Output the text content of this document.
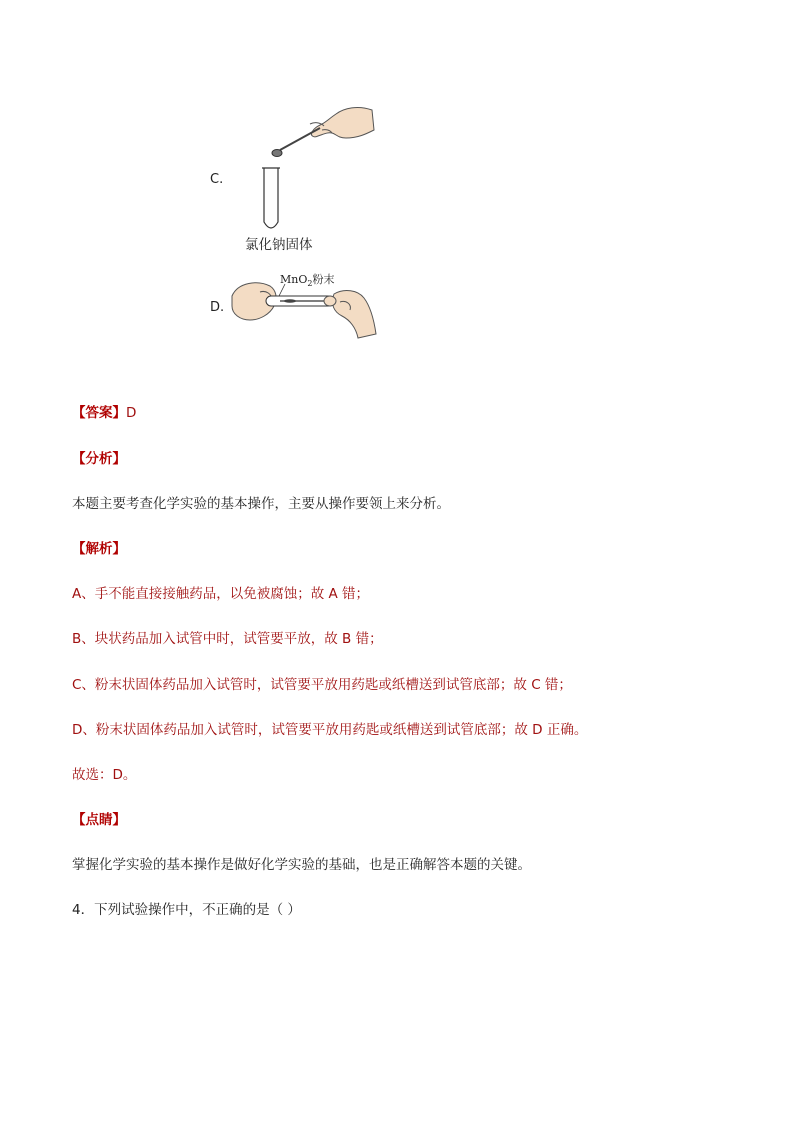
C.
氯化钠固体
D.
MnO$_2$粉末
【答案】D
【分析】
本题主要考查化学实验的基本操作，主要从操作要领上来分析。
【解析】
A、手不能直接接触药品，以免被腐蚀；故 A 错；
B、块状药品加入试管中时，试管要平放，故 B 错；
C、粉末状固体药品加入试管时，试管要平放用药匙或纸槽送到试管底部；故 C 错；
D、粉末状固体药品加入试管时，试管要平放用药匙或纸槽送到试管底部；故 D 正确。
故选：D。
【点睛】
掌握化学实验的基本操作是做好化学实验的基础，也是正确解答本题的关键。
4．下列试验操作中，不正确的是（ ）
